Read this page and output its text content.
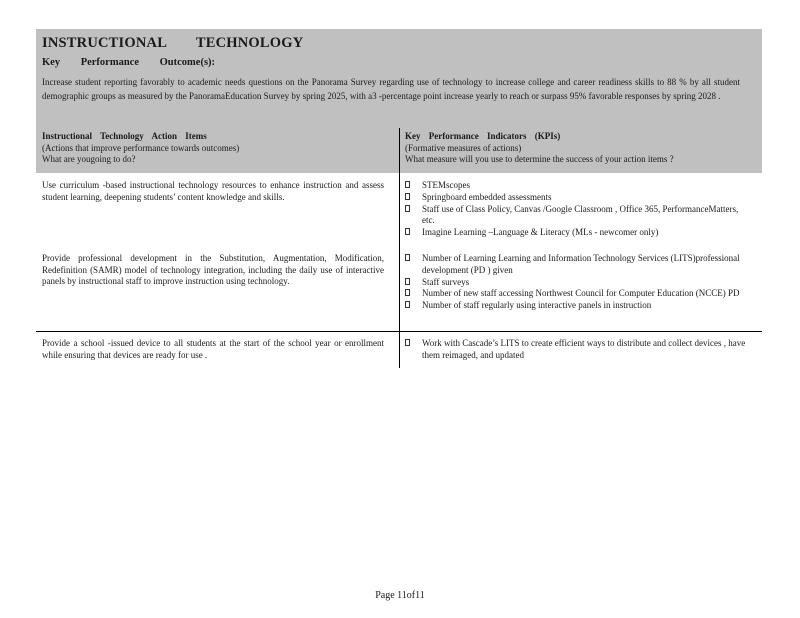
INSTRUCTIONAL TECHNOLOGY
Key Performance Outcome(s):

Increase student reporting favorably to academic needs questions on the Panorama Survey regarding use of technology to increase college and career readiness skills to 88 % by all student demographic groups as measured by the PanoramaEducation Survey by spring 2025, with a3 -percentage point increase yearly to reach or surpass 95% favorable responses by spring 2028 .

Instructional Technology Action Items
(Actions that improve performance towards outcomes)
What are yougoing to do?
Key Performance Indicators (KPIs)
(Formative measures of actions)
What measure will you use to determine the success of your action items ?

Use curriculum -based instructional technology resources to enhance instruction and assess student learning, deepening students’ content knowledge and skills.

STEMscopes
Springboard embedded assessments
Staff use of Class Policy, Canvas /Google Classroom , Office 365, PerformanceMatters, etc.
Imagine Learning –Language & Literacy (MLs - newcomer only)

Provide professional development in the Substitution, Augmentation, Modification, Redefinition (SAMR) model of technology integration, including the daily use of interactive panels by instructional staff to improve instruction using technology.

Number of Learning Learning and Information Technology Services (LITS)professional development (PD ) given
Staff surveys
Number of new staff accessing Northwest Council for Computer Education (NCCE) PD
Number of staff regularly using interactive panels in instruction

Provide a school -issued device to all students at the start of the school year or enrollment while ensuring that devices are ready for use .

Work with Cascade’s LITS to create efficient ways to distribute and collect devices , have them reimaged, and updated
Page 11of11
